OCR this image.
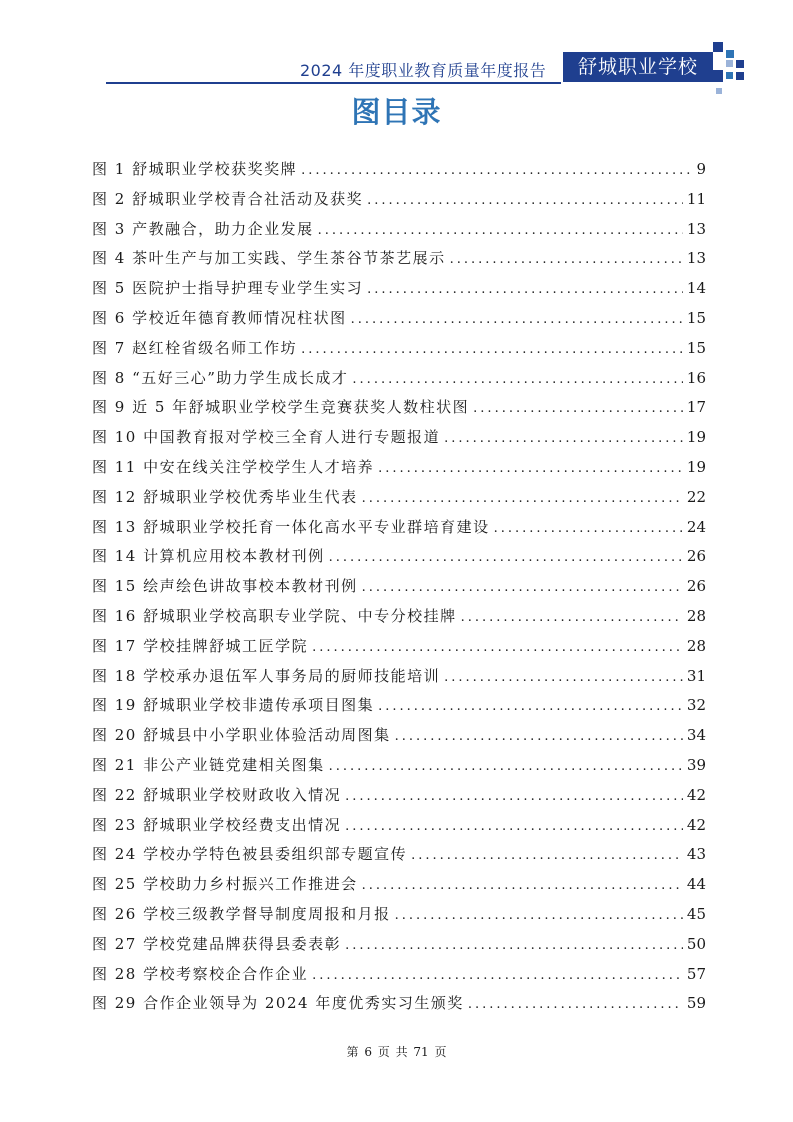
2024 年度职业教育质量年度报告	舒城职业学校
图目录
图 1 舒城职业学校获奖奖牌 .....	9
图 2 舒城职业学校青合社活动及获奖 .....	11
图 3 产教融合，助力企业发展 .....	13
图 4 茶叶生产与加工实践、学生茶谷节茶艺展示 .....	13
图 5 医院护士指导护理专业学生实习 .....	14
图 6 学校近年德育教师情况柱状图 .....	15
图 7 赵红栓省级名师工作坊 .....	15
图 8 “五好三心”助力学生成长成才 .....	16
图 9 近 5 年舒城职业学校学生竞赛获奖人数柱状图 .....	17
图 10 中国教育报对学校三全育人进行专题报道 .....	19
图 11 中安在线关注学校学生人才培养 .....	19
图 12 舒城职业学校优秀毕业生代表 .....	22
图 13 舒城职业学校托育一体化高水平专业群培育建设 .....	24
图 14 计算机应用校本教材刊例 .....	26
图 15 绘声绘色讲故事校本教材刊例 .....	26
图 16 舒城职业学校高职专业学院、中专分校挂牌 .....	28
图 17 学校挂牌舒城工匠学院 .....	28
图 18 学校承办退伍军人事务局的厨师技能培训 .....	31
图 19 舒城职业学校非遗传承项目图集 .....	32
图 20 舒城县中小学职业体验活动周图集 .....	34
图 21 非公产业链党建相关图集 .....	39
图 22 舒城职业学校财政收入情况 .....	42
图 23 舒城职业学校经费支出情况 .....	42
图 24 学校办学特色被县委组织部专题宣传 .....	43
图 25 学校助力乡村振兴工作推进会 .....	44
图 26 学校三级教学督导制度周报和月报 .....	45
图 27 学校党建品牌获得县委表彰 .....	50
图 28 学校考察校企合作企业 .....	57
图 29 合作企业领导为 2024 年度优秀实习生颁奖 .....	59
第 6 页 共 71 页
